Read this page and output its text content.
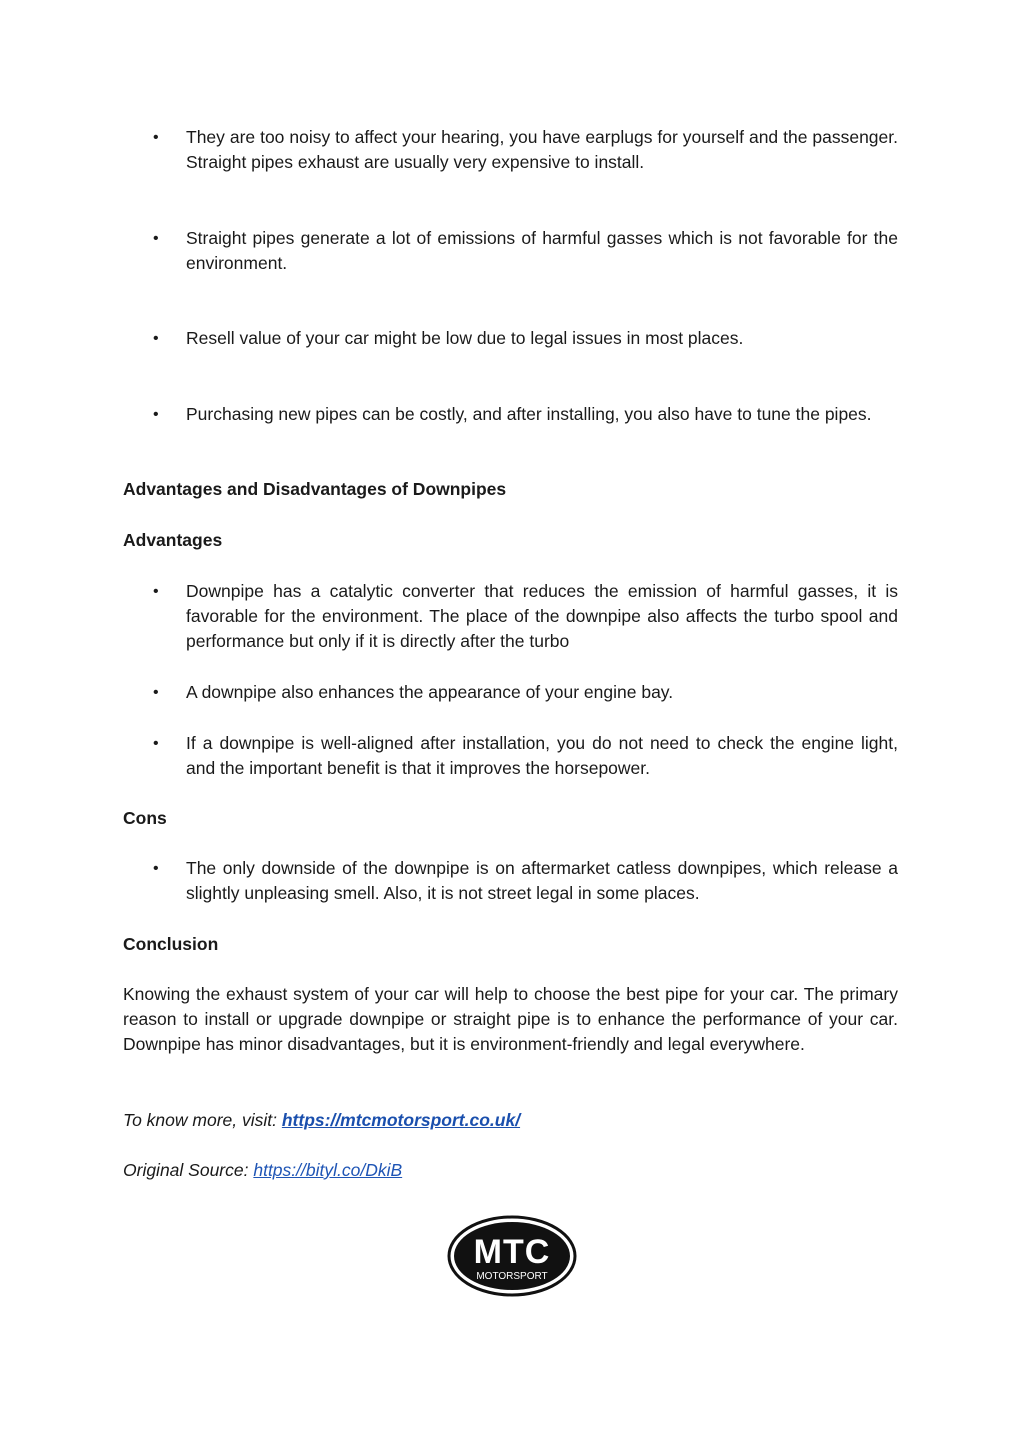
• They are too noisy to affect your hearing, you have earplugs for yourself and the passenger. Straight pipes exhaust are usually very expensive to install.
• Straight pipes generate a lot of emissions of harmful gasses which is not favorable for the environment.
• Resell value of your car might be low due to legal issues in most places.
• Purchasing new pipes can be costly, and after installing, you also have to tune the pipes.
Advantages and Disadvantages of Downpipes
Advantages
• Downpipe has a catalytic converter that reduces the emission of harmful gasses, it is favorable for the environment. The place of the downpipe also affects the turbo spool and performance but only if it is directly after the turbo
• A downpipe also enhances the appearance of your engine bay.
• If a downpipe is well-aligned after installation, you do not need to check the engine light, and the important benefit is that it improves the horsepower.
Cons
• The only downside of the downpipe is on aftermarket catless downpipes, which release a slightly unpleasing smell. Also, it is not street legal in some places.
Conclusion
Knowing the exhaust system of your car will help to choose the best pipe for your car. The primary reason to install or upgrade downpipe or straight pipe is to enhance the performance of your car. Downpipe has minor disadvantages, but it is environment-friendly and legal everywhere.
To know more, visit: https://mtcmotorsport.co.uk/
Original Source: https://bityl.co/DkiB
MTC
MOTORSPORT
